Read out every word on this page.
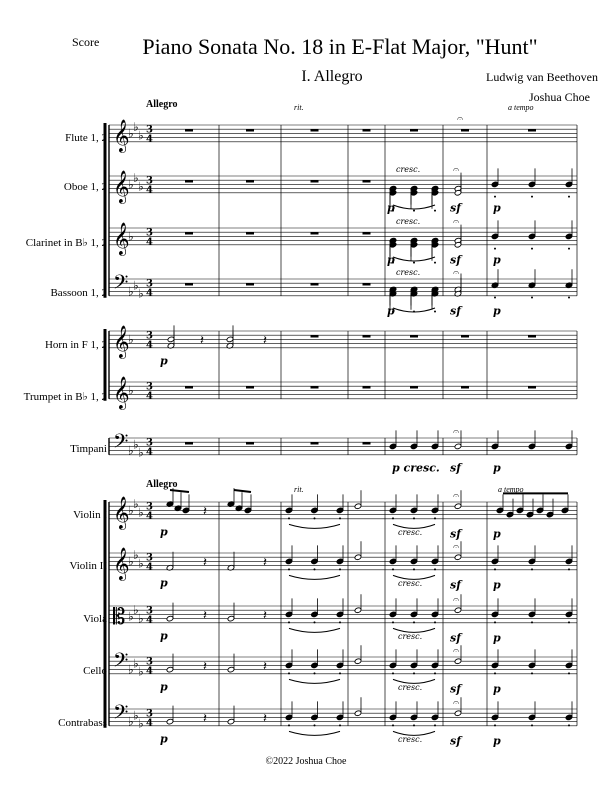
Score	Piano Sonata No. 18 in E-Flat Major, "Hunt"
I. Allegro	Ludwig van Beethoven
Joshua Choe
Allegro	rit.	a tempo
Allegro	rit.	a tempo
Flute 1, 2
Oboe 1, 2
Clarinet in B♭ 1, 2
Bassoon 1, 2
Horn in F 1, 2
Trumpet in B♭ 1, 2
Timpani
Violin I
Violin II
Viola
Cello
Contrabass
𝄞
♭ ♭
♭ 3
4
𝄞
♭ ♭
♭ 3
4
𝄞
♭ 3
4
𝄢 ♭ ♭
♭
3
4
𝄞
♭ 3
4
𝄞
♭ 3
4
𝄢 ♭ ♭
♭
3
4
𝄞
♭ ♭
♭ 3
4
𝄞
♭ ♭
♭ 3
4
𝄡 ♭ ♭
♭
3
4
𝄢 ♭ ♭
♭
3
4
𝄢 ♭ ♭
♭
3
4
𝄐
cresc.
p
𝄐
sf	p
cresc.
p
𝄐
sf	p
cresc.
p
𝄐
sf	p
𝄽	𝄽
p
p cresc.
𝄐
sf	p
𝄽
p	cresc.
𝄐
sf	p
𝄽	𝄽
p	cresc.
𝄐
sf	p
𝄽	𝄽
p	cresc.
𝄐
sf	p
𝄽	𝄽
p	cresc.
𝄐
sf	p
𝄽	𝄽
p	cresc.
𝄐
sf	p
©2022 Joshua Choe
